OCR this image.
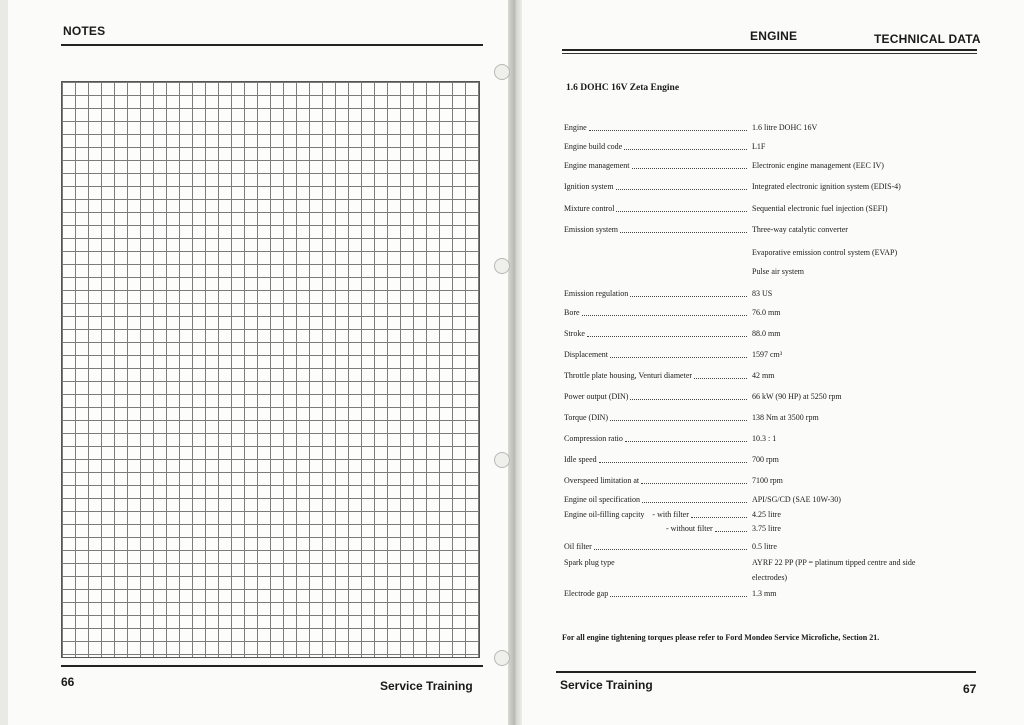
NOTES
66	Service Training
ENGINE	TECHNICAL DATA
1.6 DOHC 16V Zeta Engine
Engine	1.6 litre DOHC 16V
Engine build code	L1F
Engine management	Electronic engine management (EEC IV)
Ignition system	Integrated electronic ignition system (EDIS-4)
Mixture control	Sequential electronic fuel injection (SEFI)
Emission system	Three-way catalytic converter
Evaporative emission control system (EVAP)
Pulse air system
Emission regulation	83 US
Bore	76.0 mm
Stroke	88.0 mm
Displacement	1597 cm³
Throttle plate housing, Venturi diameter	42 mm
Power output (DIN)	66 kW (90 HP) at 5250 rpm
Torque (DIN)	138 Nm at 3500 rpm
Compression ratio	10.3 : 1
Idle speed	700 rpm
Overspeed limitation at	7100 rpm
Engine oil specification	API/SG/CD (SAE 10W-30)
Engine oil-filling capcity - with filter	4.25 litre
- without filter	3.75 litre
Oil filter	0.5 litre
Spark plug type	AYRF 22 PP (PP = platinum tipped centre and side
electrodes)
Electrode gap	1.3 mm
For all engine tightening torques please refer to Ford Mondeo Service Microfiche, Section 21.
Service Training	67
